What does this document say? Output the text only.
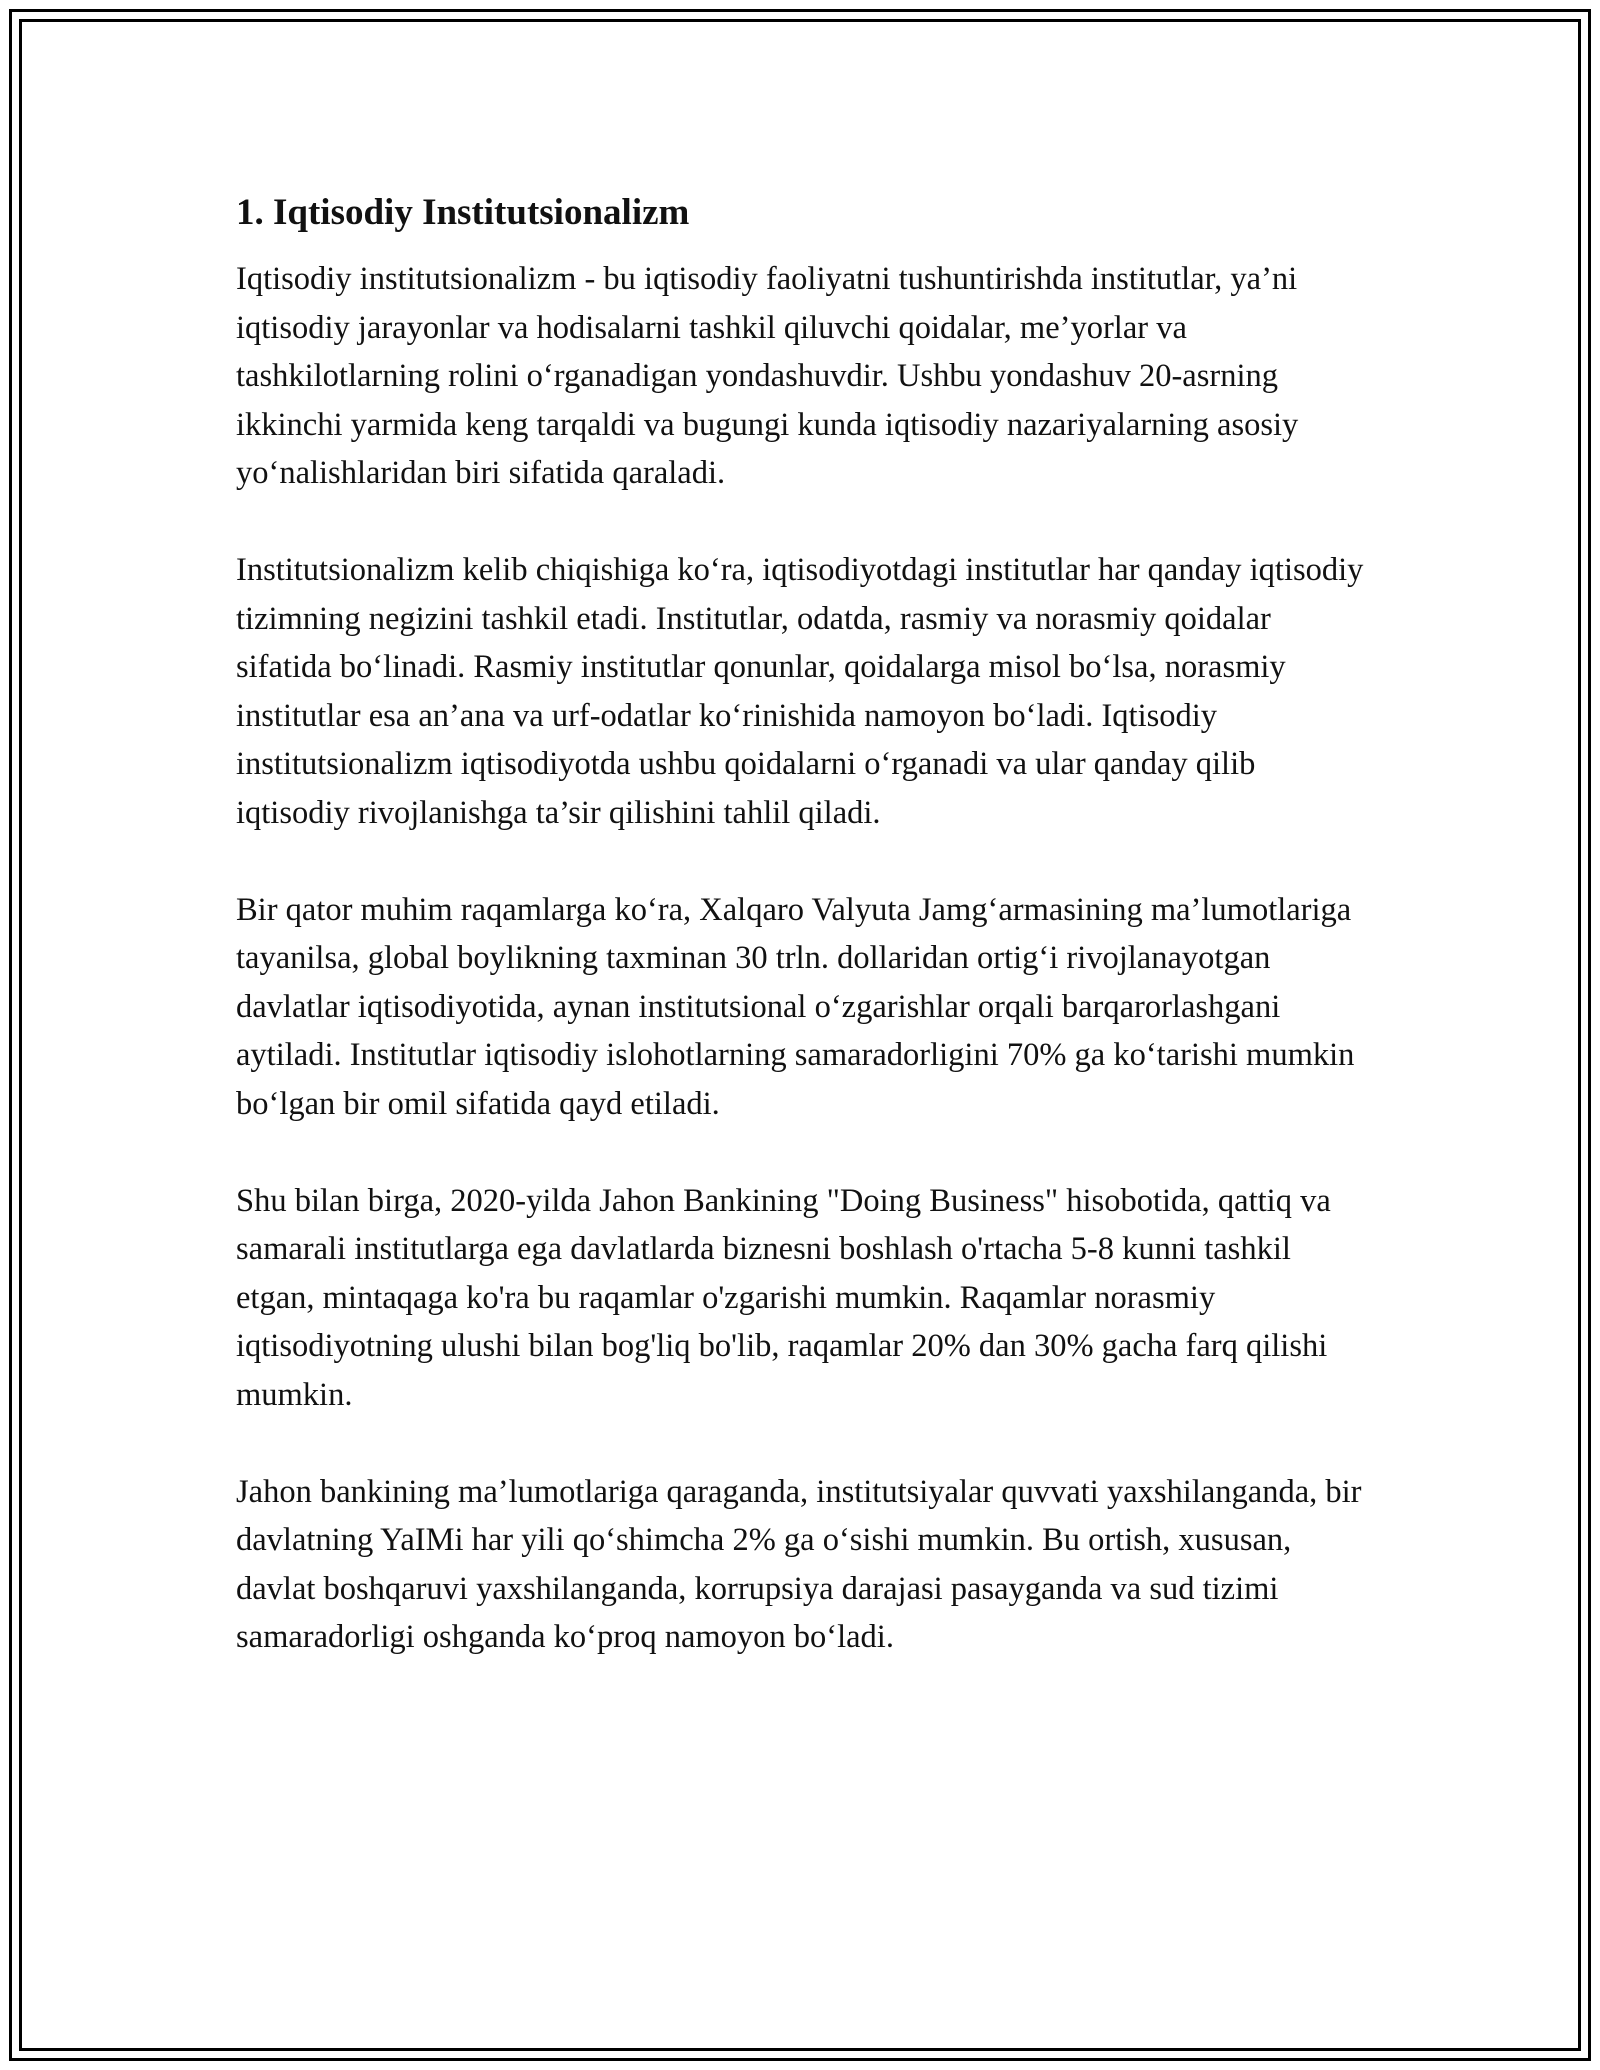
1. Iqtisodiy Institutsionalizm

Iqtisodiy institutsionalizm - bu iqtisodiy faoliyatni tushuntirishda institutlar, ya’ni iqtisodiy jarayonlar va hodisalarni tashkil qiluvchi qoidalar, me’yorlar va tashkilotlarning rolini o‘rganadigan yondashuvdir. Ushbu yondashuv 20-asrning ikkinchi yarmida keng tarqaldi va bugungi kunda iqtisodiy nazariyalarning asosiy yo‘nalishlaridan biri sifatida qaraladi.

Institutsionalizm kelib chiqishiga ko‘ra, iqtisodiyotdagi institutlar har qanday iqtisodiy tizimning negizini tashkil etadi. Institutlar, odatda, rasmiy va norasmiy qoidalar sifatida bo‘linadi. Rasmiy institutlar qonunlar, qoidalarga misol bo‘lsa, norasmiy institutlar esa an’ana va urf-odatlar ko‘rinishida namoyon bo‘ladi. Iqtisodiy institutsionalizm iqtisodiyotda ushbu qoidalarni o‘rganadi va ular qanday qilib iqtisodiy rivojlanishga ta’sir qilishini tahlil qiladi.

Bir qator muhim raqamlarga ko‘ra, Xalqaro Valyuta Jamg‘armasining ma’lumotlariga tayanilsa, global boylikning taxminan 30 trln. dollaridan ortig‘i rivojlanayotgan davlatlar iqtisodiyotida, aynan institutsional o‘zgarishlar orqali barqarorlashgani aytiladi. Institutlar iqtisodiy islohotlarning samaradorligini 70% ga ko‘tarishi mumkin bo‘lgan bir omil sifatida qayd etiladi.

Shu bilan birga, 2020-yilda Jahon Bankining "Doing Business" hisobotida, qattiq va samarali institutlarga ega davlatlarda biznesni boshlash o'rtacha 5-8 kunni tashkil etgan, mintaqaga ko'ra bu raqamlar o'zgarishi mumkin. Raqamlar norasmiy iqtisodiyotning ulushi bilan bog'liq bo'lib, raqamlar 20% dan 30% gacha farq qilishi mumkin.

Jahon bankining ma’lumotlariga qaraganda, institutsiyalar quvvati yaxshilanganda, bir davlatning YaIMi har yili qo‘shimcha 2% ga o‘sishi mumkin. Bu ortish, xususan, davlat boshqaruvi yaxshilanganda, korrupsiya darajasi pasayganda va sud tizimi samaradorligi oshganda ko‘proq namoyon bo‘ladi.
